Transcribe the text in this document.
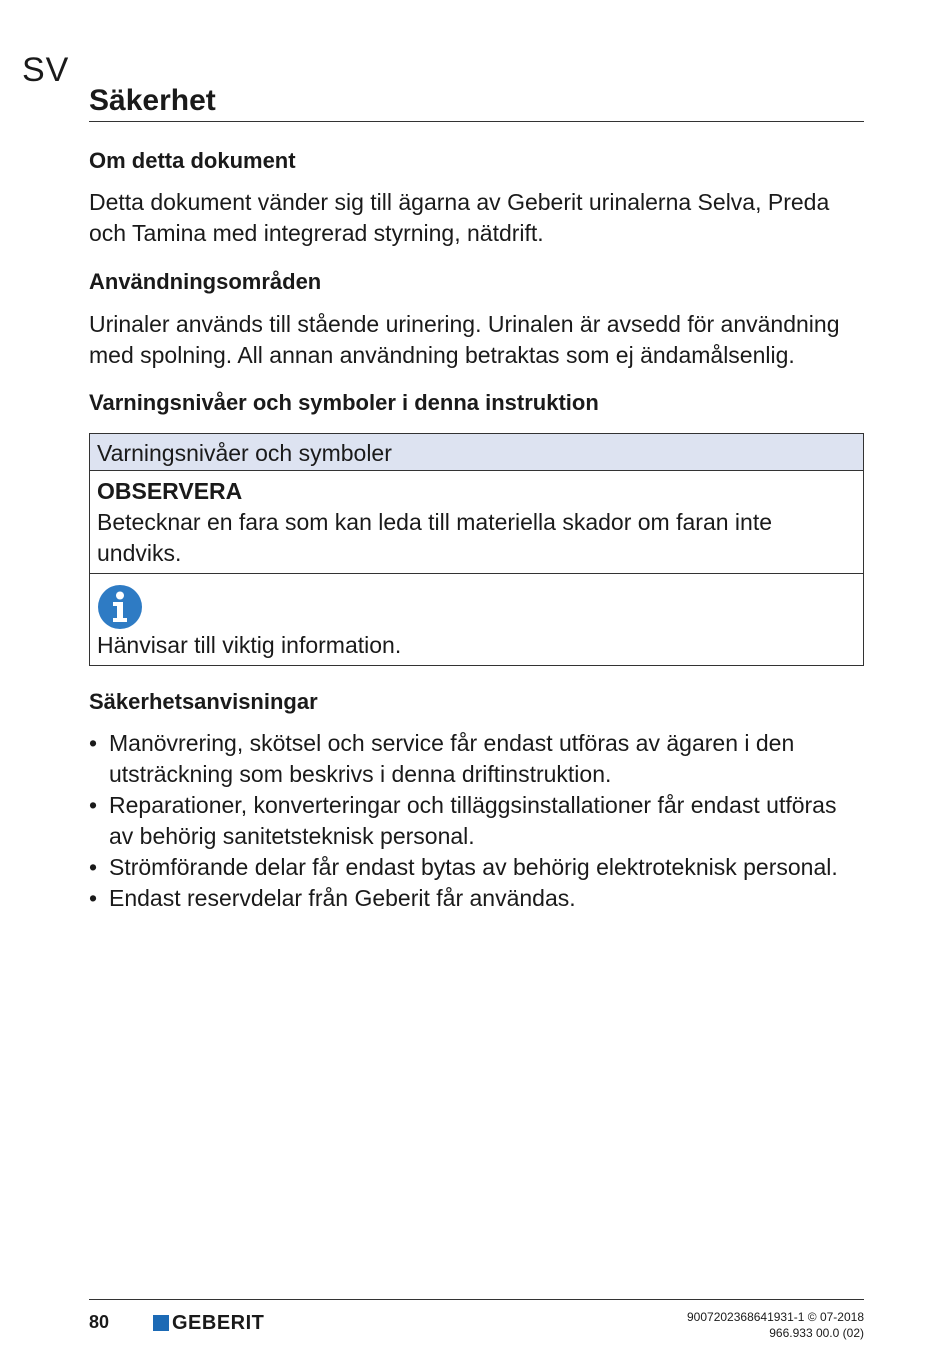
SV
Säkerhet
Om detta dokument

Detta dokument vänder sig till ägarna av Geberit urinalerna Selva, Preda och Tamina med integrerad styrning, nätdrift.

Användningsområden

Urinaler används till stående urinering. Urinalen är avsedd för användning med spolning. All annan användning betraktas som ej ändamålsenlig.

Varningsnivåer och symboler i denna instruktion
Varningsnivåer och symboler
OBSERVERA
Betecknar en fara som kan leda till materiella skador om faran inte undviks.
Hänvisar till viktig information.
Säkerhetsanvisningar
• Manövrering, skötsel och service får endast utföras av ägaren i den utsträckning som beskrivs i denna driftinstruktion.
• Reparationer, konverteringar och tilläggsinstallationer får endast utföras av behörig sanitetsteknisk personal.
• Strömförande delar får endast bytas av behörig elektroteknisk personal.
• Endast reservdelar från Geberit får användas.
80	GEBERIT	9007202368641931-1 © 07-2018
966.933 00.0 (02)
